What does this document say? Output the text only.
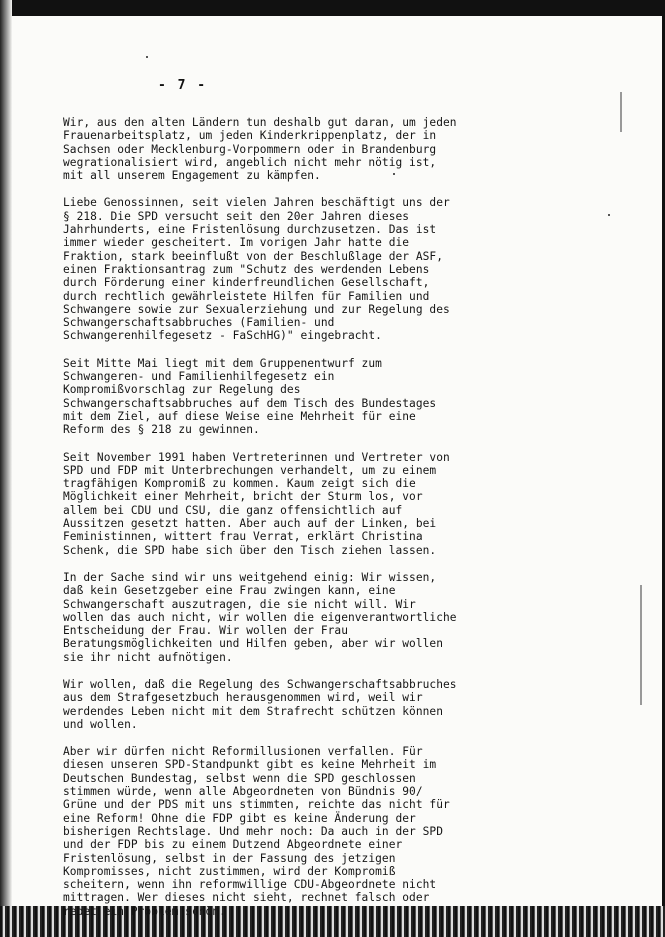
- 7 -
Wir, aus den alten Ländern tun deshalb gut daran, um jeden
Frauenarbeitsplatz, um jeden Kinderkrippenplatz, der in
Sachsen oder Mecklenburg-Vorpommern oder in Brandenburg
wegrationalisiert wird, angeblich nicht mehr nötig ist,
mit all unserem Engagement zu kämpfen.
Liebe Genossinnen, seit vielen Jahren beschäftigt uns der
§ 218. Die SPD versucht seit den 20er Jahren dieses
Jahrhunderts, eine Fristenlösung durchzusetzen. Das ist
immer wieder gescheitert. Im vorigen Jahr hatte die
Fraktion, stark beeinflußt von der Beschlußlage der ASF,
einen Fraktionsantrag zum "Schutz des werdenden Lebens
durch Förderung einer kinderfreundlichen Gesellschaft,
durch rechtlich gewährleistete Hilfen für Familien und
Schwangere sowie zur Sexualerziehung und zur Regelung des
Schwangerschaftsabbruches (Familien- und
Schwangerenhilfegesetz - FaSchHG)" eingebracht.
Seit Mitte Mai liegt mit dem Gruppenentwurf zum
Schwangeren- und Familienhilfegesetz ein
Kompromißvorschlag zur Regelung des
Schwangerschaftsabbruches auf dem Tisch des Bundestages
mit dem Ziel, auf diese Weise eine Mehrheit für eine
Reform des § 218 zu gewinnen.
Seit November 1991 haben Vertreterinnen und Vertreter von
SPD und FDP mit Unterbrechungen verhandelt, um zu einem
tragfähigen Kompromiß zu kommen. Kaum zeigt sich die
Möglichkeit einer Mehrheit, bricht der Sturm los, vor
allem bei CDU und CSU, die ganz offensichtlich auf
Aussitzen gesetzt hatten. Aber auch auf der Linken, bei
Feministinnen, wittert frau Verrat, erklärt Christina
Schenk, die SPD habe sich über den Tisch ziehen lassen.
In der Sache sind wir uns weitgehend einig: Wir wissen,
daß kein Gesetzgeber eine Frau zwingen kann, eine
Schwangerschaft auszutragen, die sie nicht will. Wir
wollen das auch nicht, wir wollen die eigenverantwortliche
Entscheidung der Frau. Wir wollen der Frau
Beratungsmöglichkeiten und Hilfen geben, aber wir wollen
sie ihr nicht aufnötigen.
Wir wollen, daß die Regelung des Schwangerschaftsabbruches
aus dem Strafgesetzbuch herausgenommen wird, weil wir
werdendes Leben nicht mit dem Strafrecht schützen können
und wollen.
Aber wir dürfen nicht Reformillusionen verfallen. Für
diesen unseren SPD-Standpunkt gibt es keine Mehrheit im
Deutschen Bundestag, selbst wenn die SPD geschlossen
stimmen würde, wenn alle Abgeordneten von Bündnis 90/
Grüne und der PDS mit uns stimmten, reichte das nicht für
eine Reform! Ohne die FDP gibt es keine Änderung der
bisherigen Rechtslage. Und mehr noch: Da auch in der SPD
und der FDP bis zu einem Dutzend Abgeordnete einer
Fristenlösung, selbst in der Fassung des jetzigen
Kompromisses, nicht zustimmen, wird der Kompromiß
scheitern, wenn ihn reformwillige CDU-Abgeordnete nicht
mittragen. Wer dieses nicht sieht, rechnet falsch oder
redet ein Problem schön.
